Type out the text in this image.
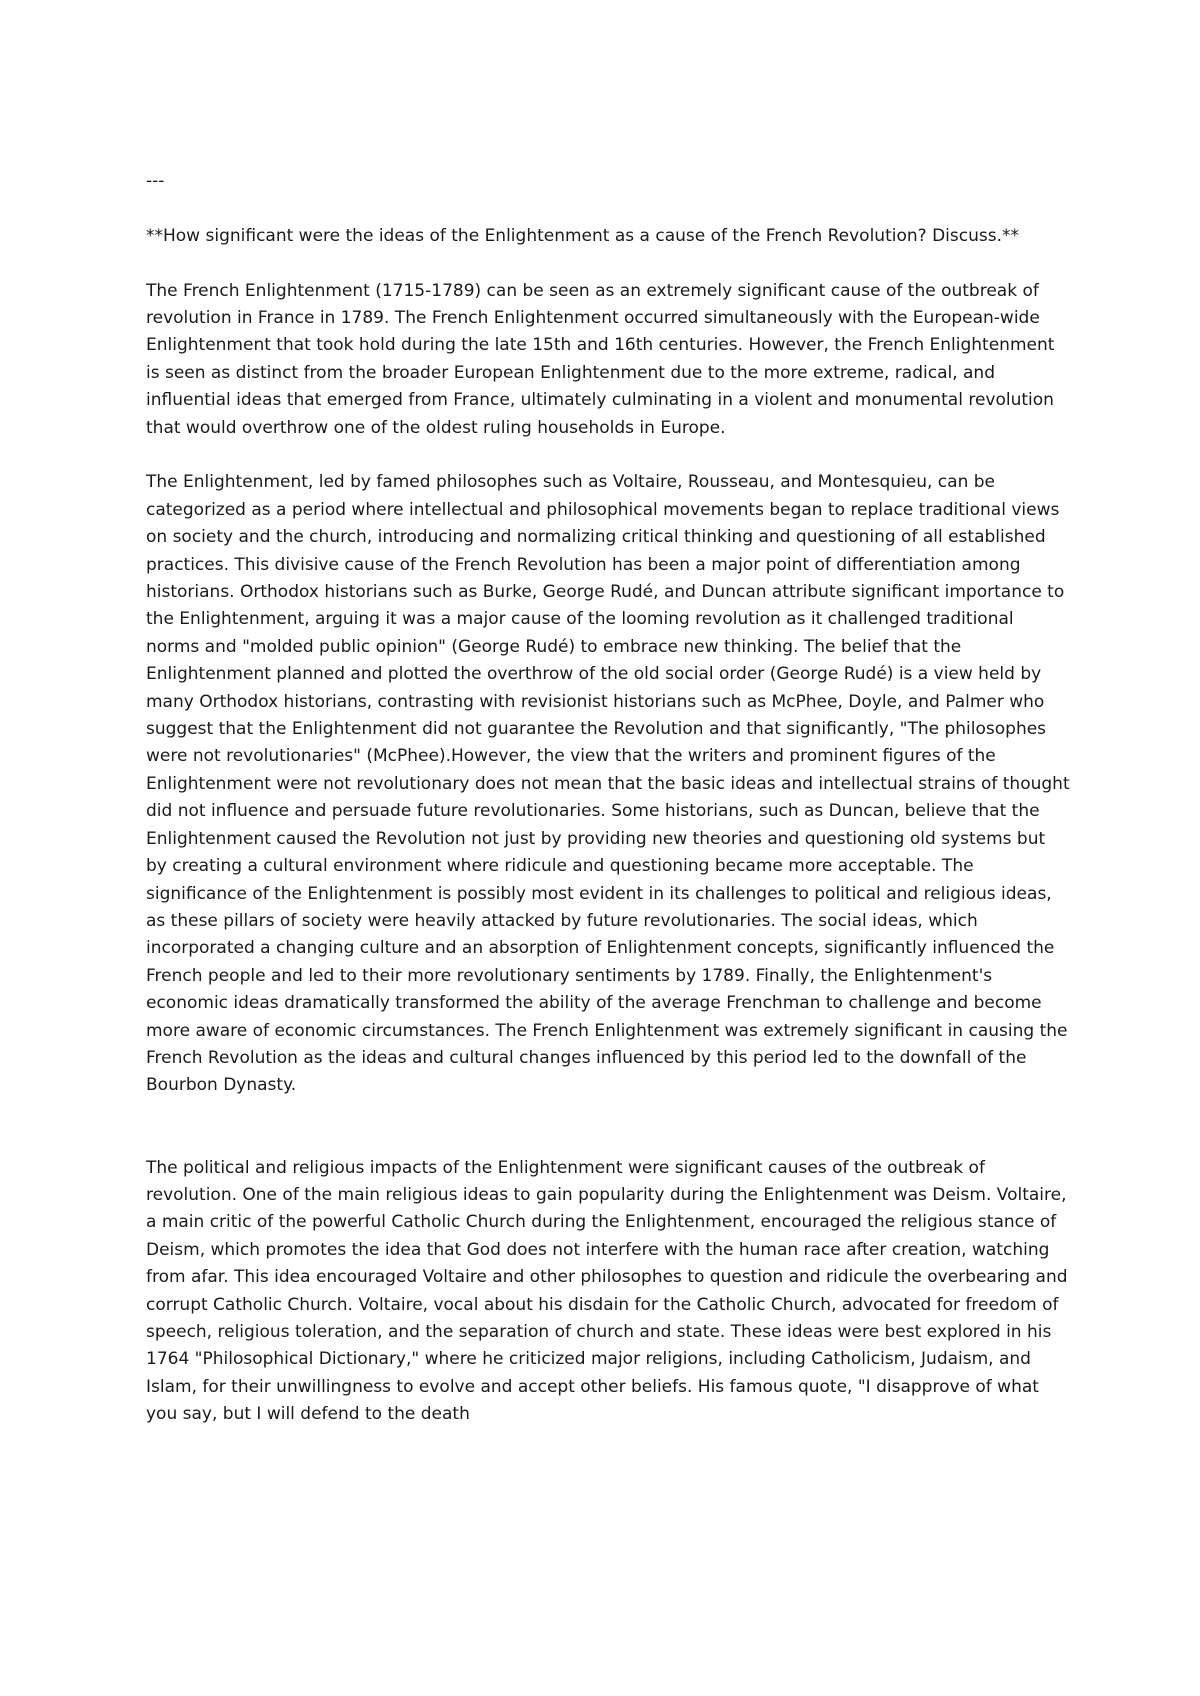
---

**How significant were the ideas of the Enlightenment as a cause of the French Revolution? Discuss.**

The French Enlightenment (1715-1789) can be seen as an extremely significant cause of the outbreak of revolution in France in 1789. The French Enlightenment occurred simultaneously with the European-wide Enlightenment that took hold during the late 15th and 16th centuries. However, the French Enlightenment is seen as distinct from the broader European Enlightenment due to the more extreme, radical, and influential ideas that emerged from France, ultimately culminating in a violent and monumental revolution that would overthrow one of the oldest ruling households in Europe.

The Enlightenment, led by famed philosophes such as Voltaire, Rousseau, and Montesquieu, can be categorized as a period where intellectual and philosophical movements began to replace traditional views on society and the church, introducing and normalizing critical thinking and questioning of all established practices. This divisive cause of the French Revolution has been a major point of differentiation among historians. Orthodox historians such as Burke, George Rudé, and Duncan attribute significant importance to the Enlightenment, arguing it was a major cause of the looming revolution as it challenged traditional norms and "molded public opinion" (George Rudé) to embrace new thinking. The belief that the Enlightenment planned and plotted the overthrow of the old social order (George Rudé) is a view held by many Orthodox historians, contrasting with revisionist historians such as McPhee, Doyle, and Palmer who suggest that the Enlightenment did not guarantee the Revolution and that significantly, "The philosophes were not revolutionaries" (McPhee).However, the view that the writers and prominent figures of the Enlightenment were not revolutionary does not mean that the basic ideas and intellectual strains of thought did not influence and persuade future revolutionaries. Some historians, such as Duncan, believe that the Enlightenment caused the Revolution not just by providing new theories and questioning old systems but by creating a cultural environment where ridicule and questioning became more acceptable. The significance of the Enlightenment is possibly most evident in its challenges to political and religious ideas, as these pillars of society were heavily attacked by future revolutionaries. The social ideas, which incorporated a changing culture and an absorption of Enlightenment concepts, significantly influenced the French people and led to their more revolutionary sentiments by 1789. Finally, the Enlightenment's economic ideas dramatically transformed the ability of the average Frenchman to challenge and become more aware of economic circumstances. The French Enlightenment was extremely significant in causing the French Revolution as the ideas and cultural changes influenced by this period led to the downfall of the Bourbon Dynasty.

The political and religious impacts of the Enlightenment were significant causes of the outbreak of revolution. One of the main religious ideas to gain popularity during the Enlightenment was Deism. Voltaire, a main critic of the powerful Catholic Church during the Enlightenment, encouraged the religious stance of Deism, which promotes the idea that God does not interfere with the human race after creation, watching from afar. This idea encouraged Voltaire and other philosophes to question and ridicule the overbearing and corrupt Catholic Church. Voltaire, vocal about his disdain for the Catholic Church, advocated for freedom of speech, religious toleration, and the separation of church and state. These ideas were best explored in his 1764 "Philosophical Dictionary," where he criticized major religions, including Catholicism, Judaism, and Islam, for their unwillingness to evolve and accept other beliefs. His famous quote, "I disapprove of what you say, but I will defend to the death
